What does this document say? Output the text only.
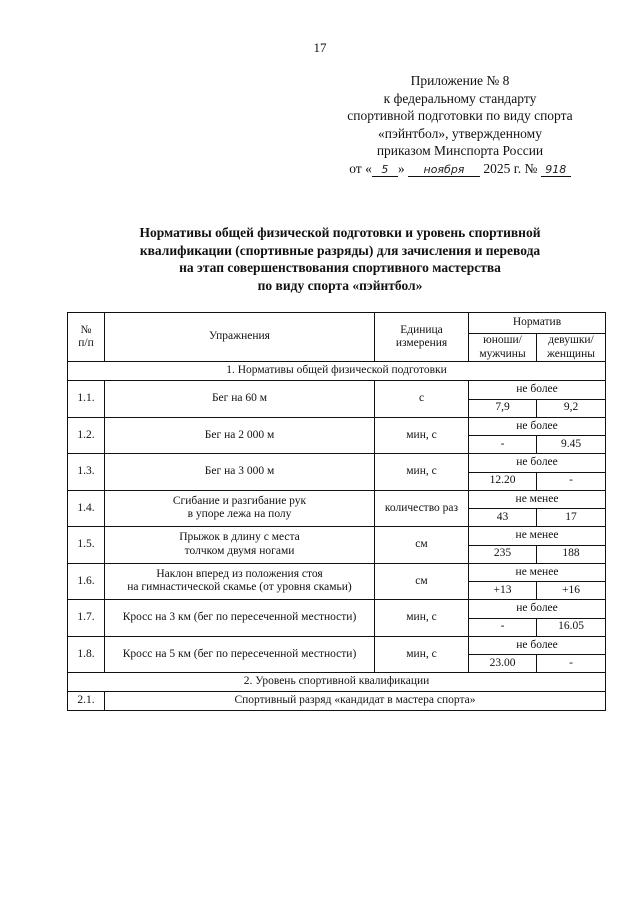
17
Приложение № 8
к федеральному стандарту
спортивной подготовки по виду спорта
«пэйнтбол», утвержденному
приказом Минспорта России
от « 5 » ноября 2025 г. № 918
Нормативы общей физической подготовки и уровень спортивной
квалификации (спортивные разряды) для зачисления и перевода
на этап совершенствования спортивного мастерства
по виду спорта «пэйнтбол»
№
п/п	Упражнения	Единица измерения	Норматив	
			юноши/ мужчины	девушки/ женщины
1. Нормативы общей физической подготовки				
1.1.	Бег на 60 м	с	не более	
			7,9	9,2
1.2.	Бег на 2 000 м	мин, с	не более	
			-	9.45
1.3.	Бег на 3 000 м	мин, с	не более	
			12.20	-
1.4.	Сгибание и разгибание рук
в упоре лежа на полу	количество раз	не менее	
			43	17
1.5.	Прыжок в длину с места
толчком двумя ногами	см	не менее	
			235	188
1.6.	Наклон вперед из положения стоя
на гимнастической скамье (от уровня скамьи)	см	не менее	
			+13	+16
1.7.	Кросс на 3 км (бег по пересеченной местности)	мин, с	не более	
			-	16.05
1.8.	Кросс на 5 км (бег по пересеченной местности)	мин, с	не более	
			23.00	-
2. Уровень спортивной квалификации				
2.1.	Спортивный разряд «кандидат в мастера спорта»			
